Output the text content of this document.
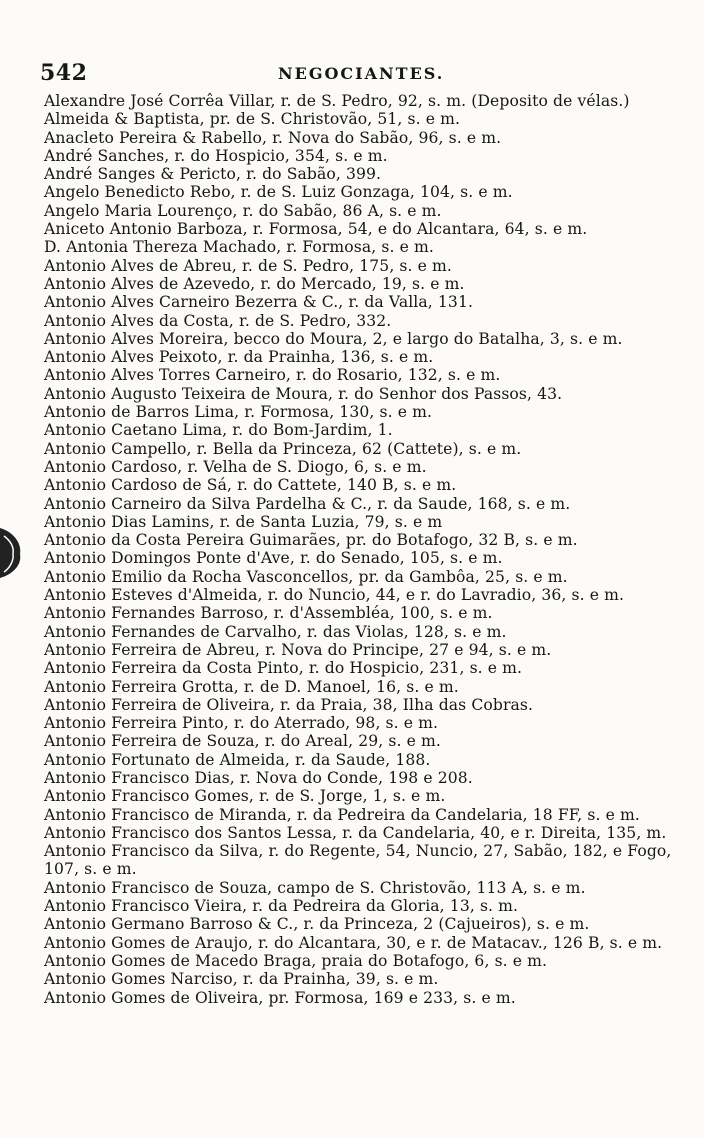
542	NEGOCIANTES.
Alexandre José Corrêa Villar, r. de S. Pedro, 92, s. m. (Deposito de vélas.)
Almeida & Baptista, pr. de S. Christovão, 51, s. e m.
Anacleto Pereira & Rabello, r. Nova do Sabão, 96, s. e m.
André Sanches, r. do Hospicio, 354, s. e m.
André Sanges & Pericto, r. do Sabão, 399.
Angelo Benedicto Rebo, r. de S. Luiz Gonzaga, 104, s. e m.
Angelo Maria Lourenço, r. do Sabão, 86 A, s. e m.
Aniceto Antonio Barboza, r. Formosa, 54, e do Alcantara, 64, s. e m.
D. Antonia Thereza Machado, r. Formosa, s. e m.
Antonio Alves de Abreu, r. de S. Pedro, 175, s. e m.
Antonio Alves de Azevedo, r. do Mercado, 19, s. e m.
Antonio Alves Carneiro Bezerra & C., r. da Valla, 131.
Antonio Alves da Costa, r. de S. Pedro, 332.
Antonio Alves Moreira, becco do Moura, 2, e largo do Batalha, 3, s. e m.
Antonio Alves Peixoto, r. da Prainha, 136, s. e m.
Antonio Alves Torres Carneiro, r. do Rosario, 132, s. e m.
Antonio Augusto Teixeira de Moura, r. do Senhor dos Passos, 43.
Antonio de Barros Lima, r. Formosa, 130, s. e m.
Antonio Caetano Lima, r. do Bom-Jardim, 1.
Antonio Campello, r. Bella da Princeza, 62 (Cattete), s. e m.
Antonio Cardoso, r. Velha de S. Diogo, 6, s. e m.
Antonio Cardoso de Sá, r. do Cattete, 140 B, s. e m.
Antonio Carneiro da Silva Pardelha & C., r. da Saude, 168, s. e m.
Antonio Dias Lamins, r. de Santa Luzia, 79, s. e m
Antonio da Costa Pereira Guimarães, pr. do Botafogo, 32 B, s. e m.
Antonio Domingos Ponte d'Ave, r. do Senado, 105, s. e m.
Antonio Emilio da Rocha Vasconcellos, pr. da Gambôa, 25, s. e m.
Antonio Esteves d'Almeida, r. do Nuncio, 44, e r. do Lavradio, 36, s. e m.
Antonio Fernandes Barroso, r. d'Assembléa, 100, s. e m.
Antonio Fernandes de Carvalho, r. das Violas, 128, s. e m.
Antonio Ferreira de Abreu, r. Nova do Principe, 27 e 94, s. e m.
Antonio Ferreira da Costa Pinto, r. do Hospicio, 231, s. e m.
Antonio Ferreira Grotta, r. de D. Manoel, 16, s. e m.
Antonio Ferreira de Oliveira, r. da Praia, 38, Ilha das Cobras.
Antonio Ferreira Pinto, r. do Aterrado, 98, s. e m.
Antonio Ferreira de Souza, r. do Areal, 29, s. e m.
Antonio Fortunato de Almeida, r. da Saude, 188.
Antonio Francisco Dias, r. Nova do Conde, 198 e 208.
Antonio Francisco Gomes, r. de S. Jorge, 1, s. e m.
Antonio Francisco de Miranda, r. da Pedreira da Candelaria, 18 FF, s. e m.
Antonio Francisco dos Santos Lessa, r. da Candelaria, 40, e r. Direita, 135, m.
Antonio Francisco da Silva, r. do Regente, 54, Nuncio, 27, Sabão, 182, e Fogo, 107, s. e m.
Antonio Francisco de Souza, campo de S. Christovão, 113 A, s. e m.
Antonio Francisco Vieira, r. da Pedreira da Gloria, 13, s. m.
Antonio Germano Barroso & C., r. da Princeza, 2 (Cajueiros), s. e m.
Antonio Gomes de Araujo, r. do Alcantara, 30, e r. de Matacav., 126 B, s. e m.
Antonio Gomes de Macedo Braga, praia do Botafogo, 6, s. e m.
Antonio Gomes Narciso, r. da Prainha, 39, s. e m.
Antonio Gomes de Oliveira, pr. Formosa, 169 e 233, s. e m.
